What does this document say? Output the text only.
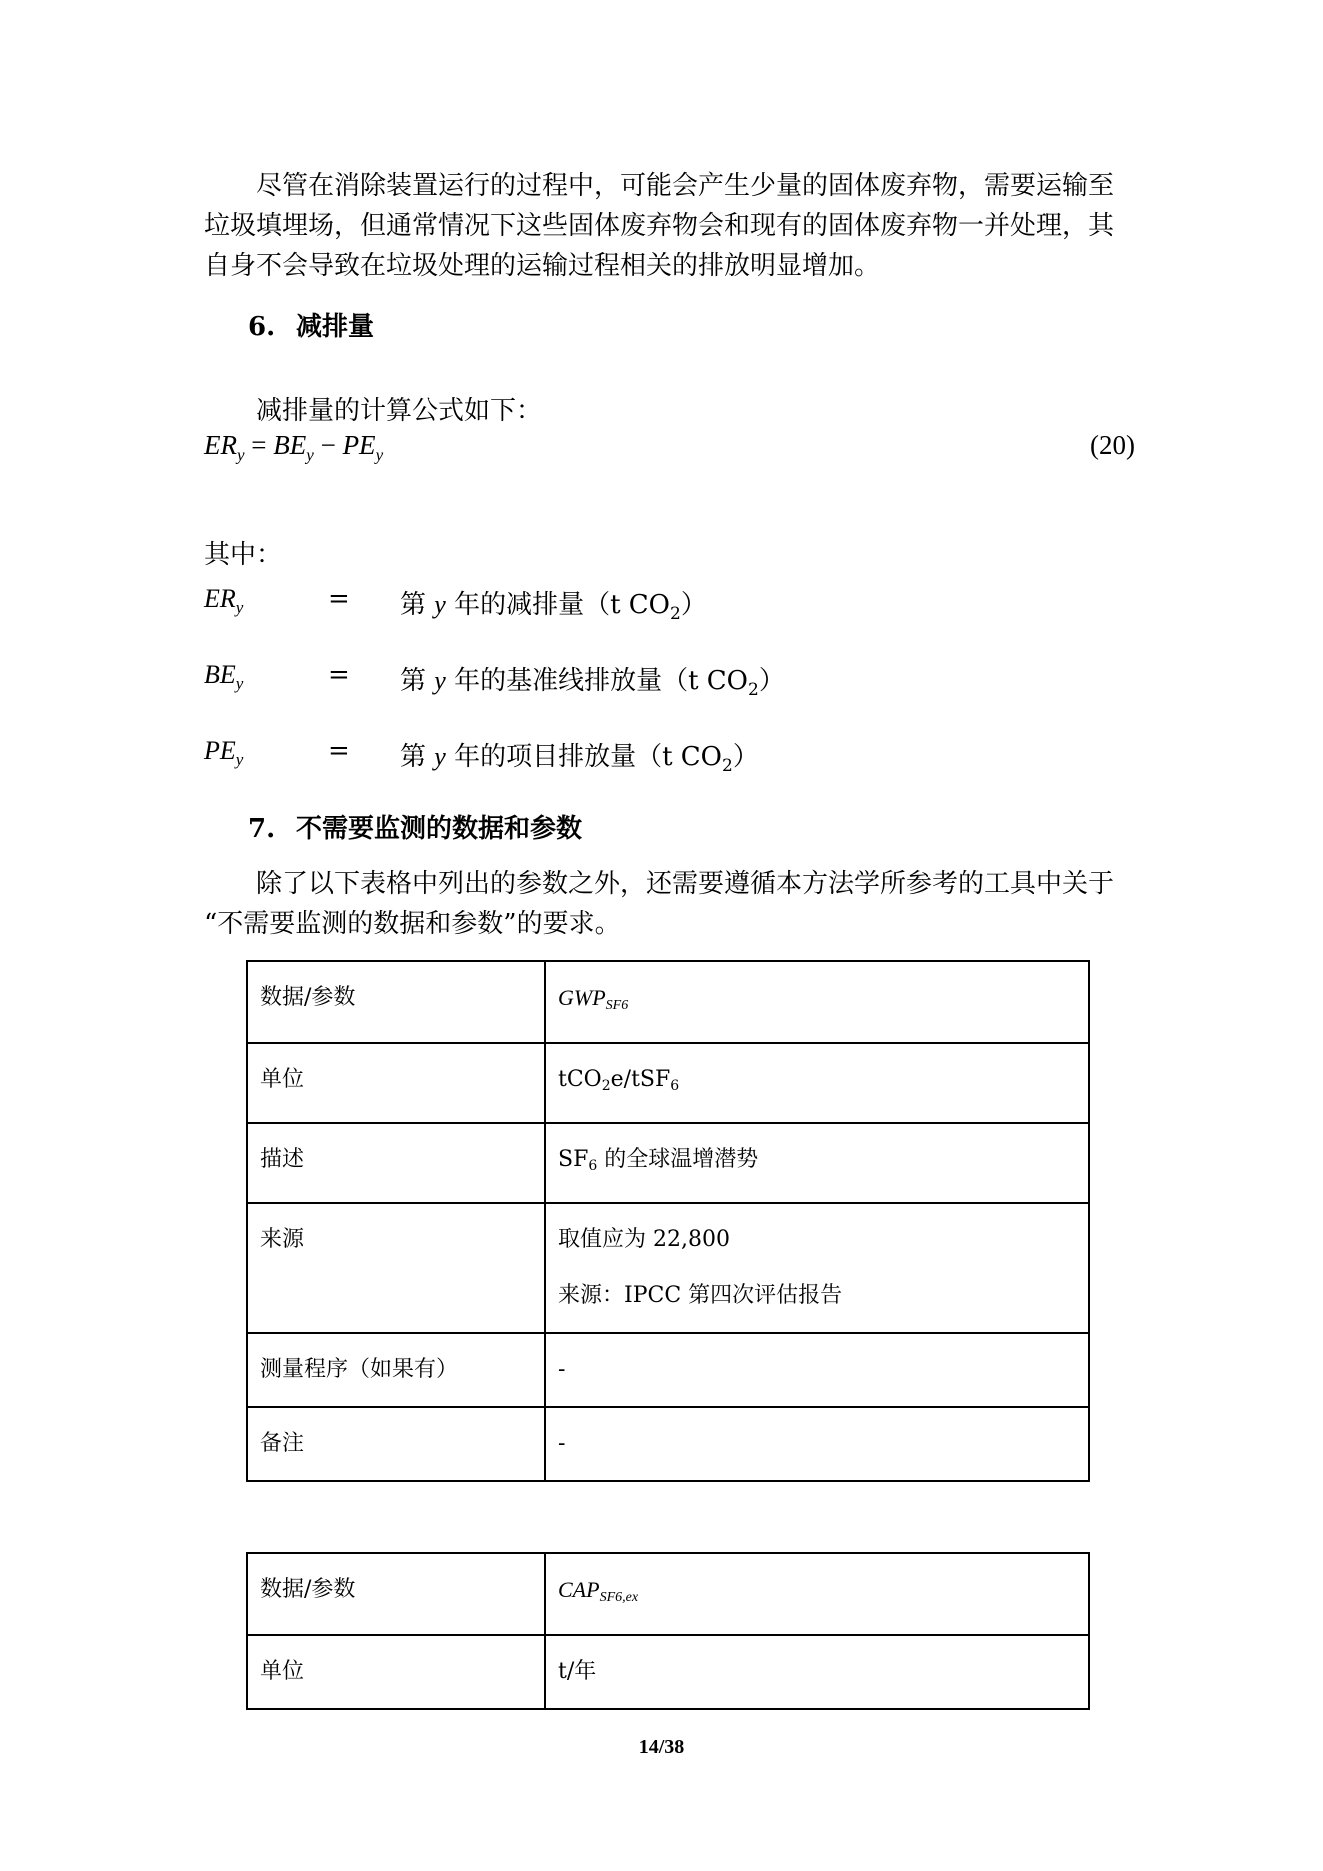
尽管在消除装置运行的过程中，可能会产生少量的固体废弃物，需要运输至
垃圾填埋场，但通常情况下这些固体废弃物会和现有的固体废弃物一并处理，其
自身不会导致在垃圾处理的运输过程相关的排放明显增加。

6. 减排量

减排量的计算公式如下：

$ER_y = BE_y - PE_y$	(20)

其中：

$ER_y$	= 第 y 年的减排量（t $CO_2$）
$BE_y$	= 第 y 年的基准线排放量（t $CO_2$）
$PE_y$	= 第 y 年的项目排放量（t $CO_2$）
7. 不需要监测的数据和参数

除了以下表格中列出的参数之外，还需要遵循本方法学所参考的工具中关于
“不需要监测的数据和参数”的要求。

数据/参数	GWPSF6
单位	tCO2e/tSF6
描述	SF6 的全球温增潜势

来源	取值应为 22,800
来源：IPCC 第四次评估报告

测量程序（如果有）	-
备注	-
数据/参数	CAPSF6,ex
单位	t/年
14/38
